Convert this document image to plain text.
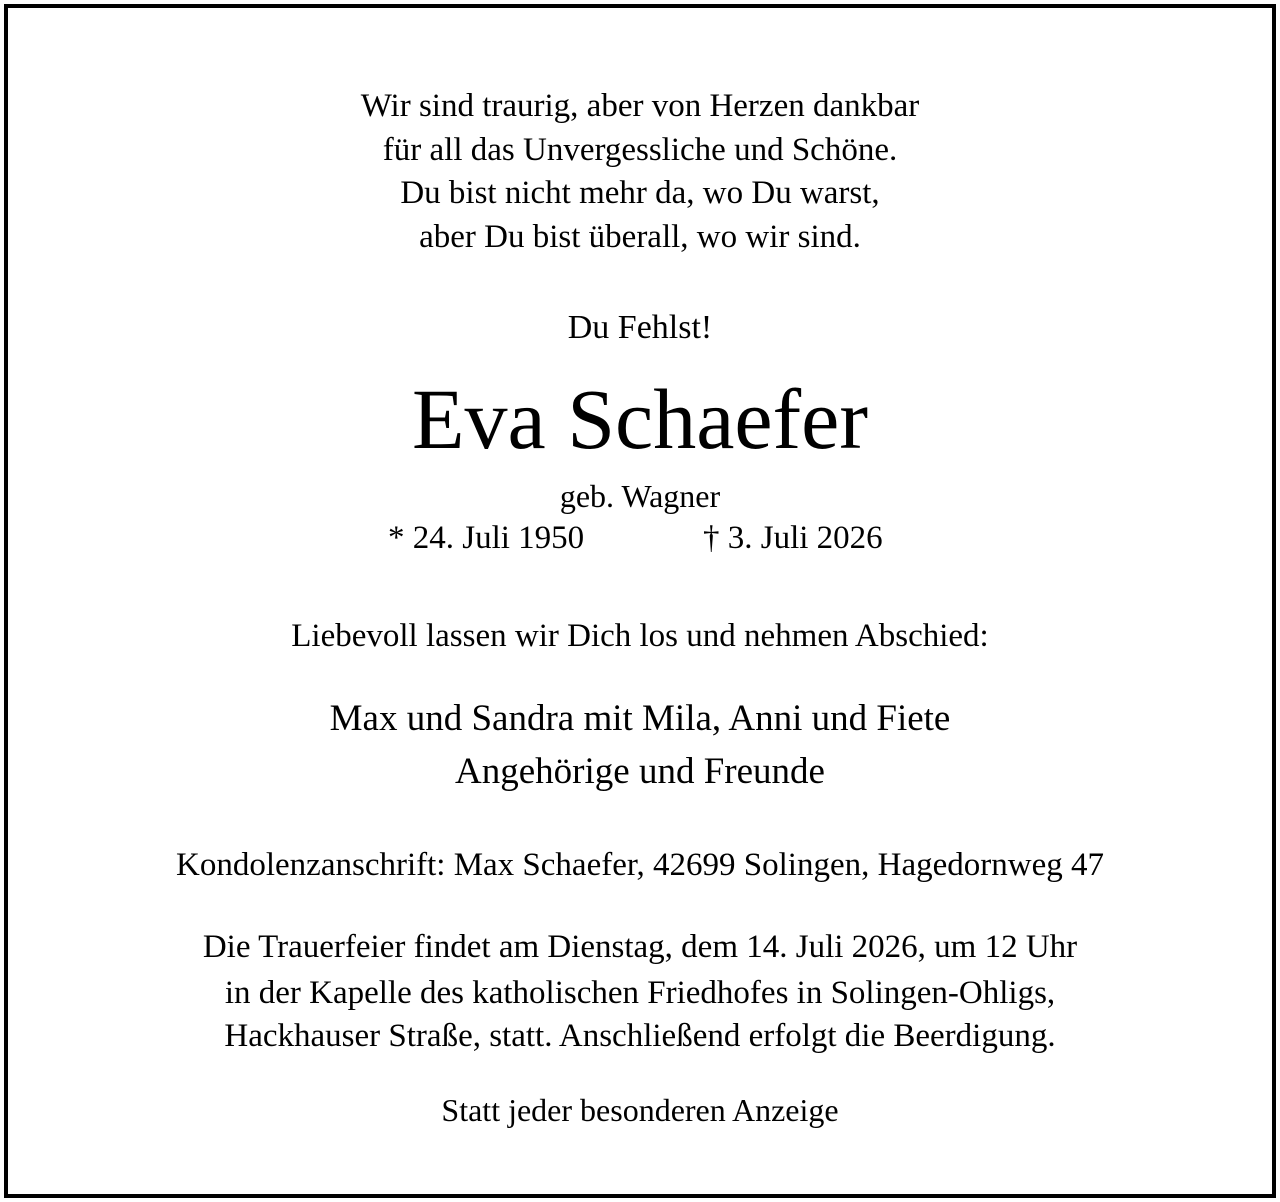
Wir sind traurig, aber von Herzen dankbar
für all das Unvergessliche und Schöne.
Du bist nicht mehr da, wo Du warst,
aber Du bist überall, wo wir sind.
Du Fehlst!
Eva Schaefer
geb. Wagner
* 24. Juli 1950	† 3. Juli 2026
Liebevoll lassen wir Dich los und nehmen Abschied:
Max und Sandra mit Mila, Anni und Fiete
Angehörige und Freunde
Kondolenzanschrift: Max Schaefer, 42699 Solingen, Hagedornweg 47
Die Trauerfeier findet am Dienstag, dem 14. Juli 2026, um 12 Uhr
in der Kapelle des katholischen Friedhofes in Solingen-Ohligs,
Hackhauser Straße, statt. Anschließend erfolgt die Beerdigung.
Statt jeder besonderen Anzeige
